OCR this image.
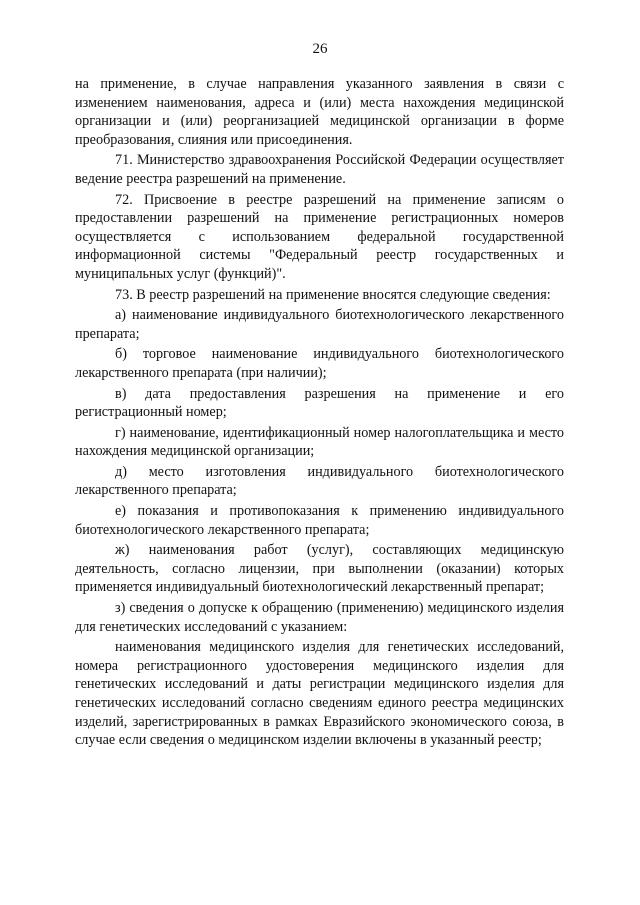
26

на применение, в случае направления указанного заявления в связи с изменением наименования, адреса и (или) места нахождения медицинской организации и (или) реорганизацией медицинской организации в форме преобразования, слияния или присоединения.

71. Министерство здравоохранения Российской Федерации осуществляет ведение реестра разрешений на применение.

72. Присвоение в реестре разрешений на применение записям о предоставлении разрешений на применение регистрационных номеров осуществляется с использованием федеральной государственной информационной системы "Федеральный реестр государственных и муниципальных услуг (функций)".

73. В реестр разрешений на применение вносятся следующие сведения:

а) наименование индивидуального биотехнологического лекарственного препарата;

б) торговое наименование индивидуального биотехнологического лекарственного препарата (при наличии);

в) дата предоставления разрешения на применение и его регистрационный номер;

г) наименование, идентификационный номер налогоплательщика и место нахождения медицинской организации;

д) место изготовления индивидуального биотехнологического лекарственного препарата;

е) показания и противопоказания к применению индивидуального биотехнологического лекарственного препарата;

ж) наименования работ (услуг), составляющих медицинскую деятельность, согласно лицензии, при выполнении (оказании) которых применяется индивидуальный биотехнологический лекарственный препарат;

з) сведения о допуске к обращению (применению) медицинского изделия для генетических исследований с указанием:

наименования медицинского изделия для генетических исследований, номера регистрационного удостоверения медицинского изделия для генетических исследований и даты регистрации медицинского изделия для генетических исследований согласно сведениям единого реестра медицинских изделий, зарегистрированных в рамках Евразийского экономического союза, в случае если сведения о медицинском изделии включены в указанный реестр;
